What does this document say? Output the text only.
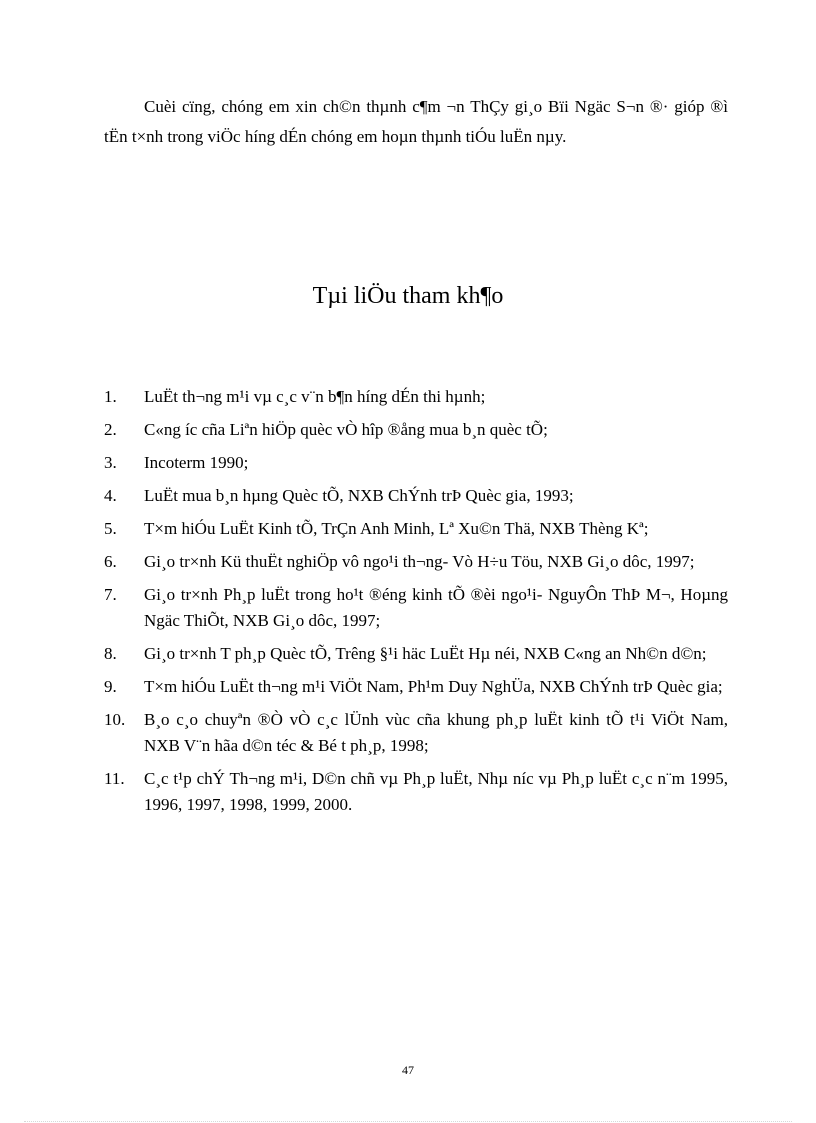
Cuèi cïng, chóng em xin ch©n thµnh c¶m ¬n ThÇy gi¸o Bïi Ngäc S¬n ®· gióp ®ì tËn t×nh trong viÖc híng dÉn chóng em hoµn thµnh tiÓu luËn nµy.

Tµi liÖu tham kh¶o
1.	LuËt th¬ng m¹i vµ c¸c v¨n b¶n híng dÉn thi hµnh;
2.	C«ng íc cña Liªn hiÖp quèc vÒ hîp ®ång mua b¸n quèc tÕ;
3.	Incoterm 1990;
4.	LuËt mua b¸n hµng Quèc tÕ, NXB ChÝnh trÞ Quèc gia, 1993;
5.	T×m hiÓu LuËt Kinh tÕ, TrÇn Anh Minh, Lª Xu©n Thä, NXB Thèng Kª;
6.	Gi¸o tr×nh Kü thuËt nghiÖp vô ngo¹i th¬ng- Vò H÷u Töu, NXB Gi¸o dôc, 1997;
7.	Gi¸o tr×nh Ph¸p luËt trong ho¹t ®éng kinh tÕ ®èi ngo¹i- NguyÔn ThÞ M¬, Hoµng Ngäc ThiÕt, NXB Gi¸o dôc, 1997;
8.	Gi¸o tr×nh T ph¸p Quèc tÕ, Trêng §¹i häc LuËt Hµ néi, NXB C«ng an Nh©n d©n;
9.	T×m hiÓu LuËt th¬ng m¹i ViÖt Nam, Ph¹m Duy NghÜa, NXB ChÝnh trÞ Quèc gia;
10.	B¸o c¸o chuyªn ®Ò vÒ c¸c lÜnh vùc cña khung ph¸p luËt kinh tÕ t¹i ViÖt Nam, NXB V¨n hãa d©n téc & Bé t ph¸p, 1998;
11.	C¸c t¹p chÝ Th¬ng m¹i, D©n chñ vµ Ph¸p luËt, Nhµ níc vµ Ph¸p luËt c¸c n¨m 1995, 1996, 1997, 1998, 1999, 2000.
47
